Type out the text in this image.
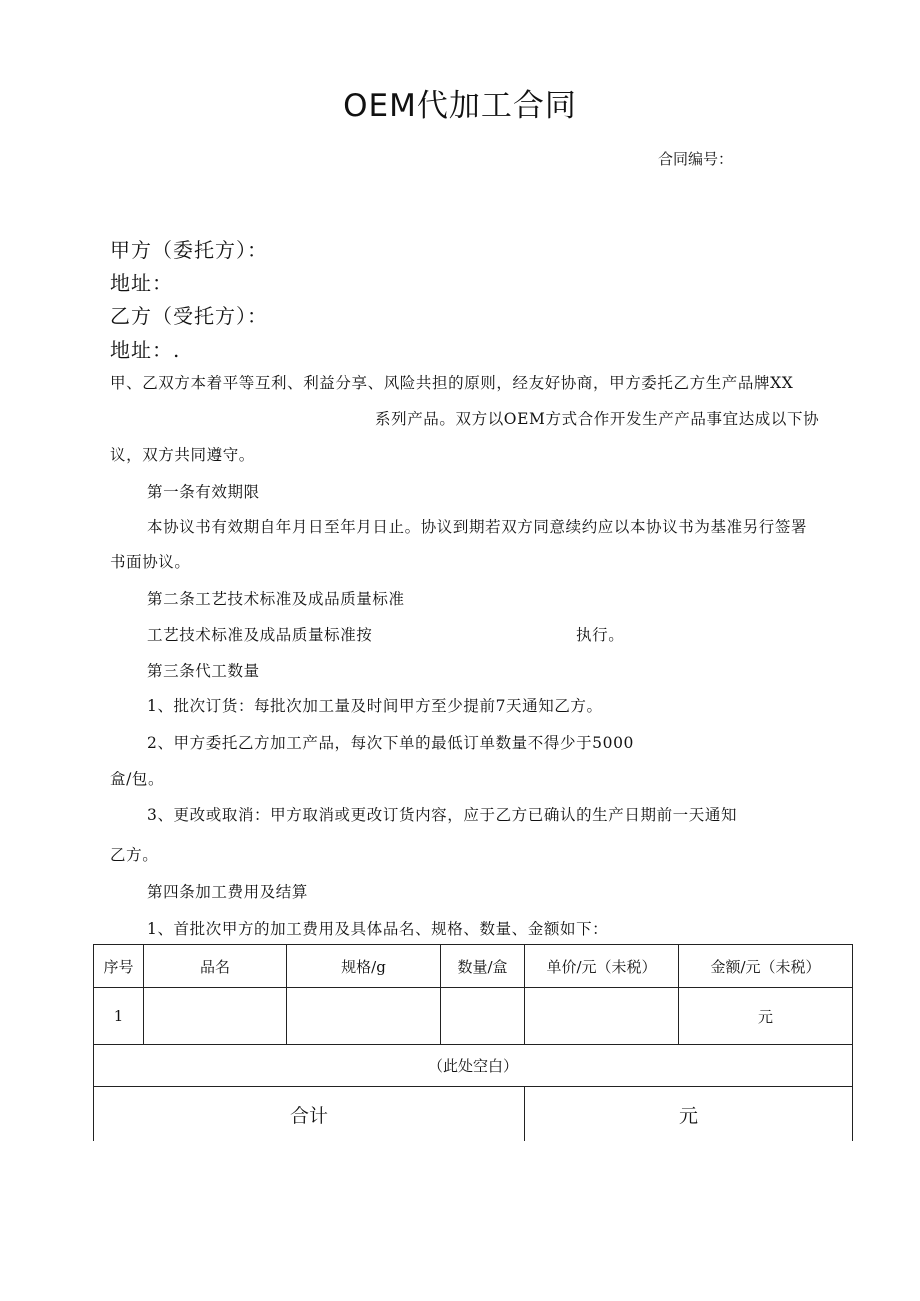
OEM代加工合同
合同编号：
甲方（委托方）：
地址：
乙方（受托方）：
地址：.
甲、乙双方本着平等互利、利益分享、风险共担的原则，经友好协商，甲方委托乙方生产品牌XX
系列产品。双方以OEM方式合作开发生产产品事宜达成以下协
议，双方共同遵守。
第一条有效期限
本协议书有效期自年月日至年月日止。协议到期若双方同意续约应以本协议书为基准另行签署
书面协议。
第二条工艺技术标准及成品质量标准
工艺技术标准及成品质量标准按	执行。
第三条代工数量
1、批次订货：每批次加工量及时间甲方至少提前7天通知乙方。
2、甲方委托乙方加工产品，每次下单的最低订单数量不得少于5000
盒/包。
3、更改或取消：甲方取消或更改订货内容，应于乙方已确认的生产日期前一天通知
乙方。
第四条加工费用及结算
1、首批次甲方的加工费用及具体品名、规格、数量、金额如下：
序号	品名	规格/g	数量/盒	单价/元（未税）	金额/元（未税）
1					元
（此处空白）					
合计				元	
